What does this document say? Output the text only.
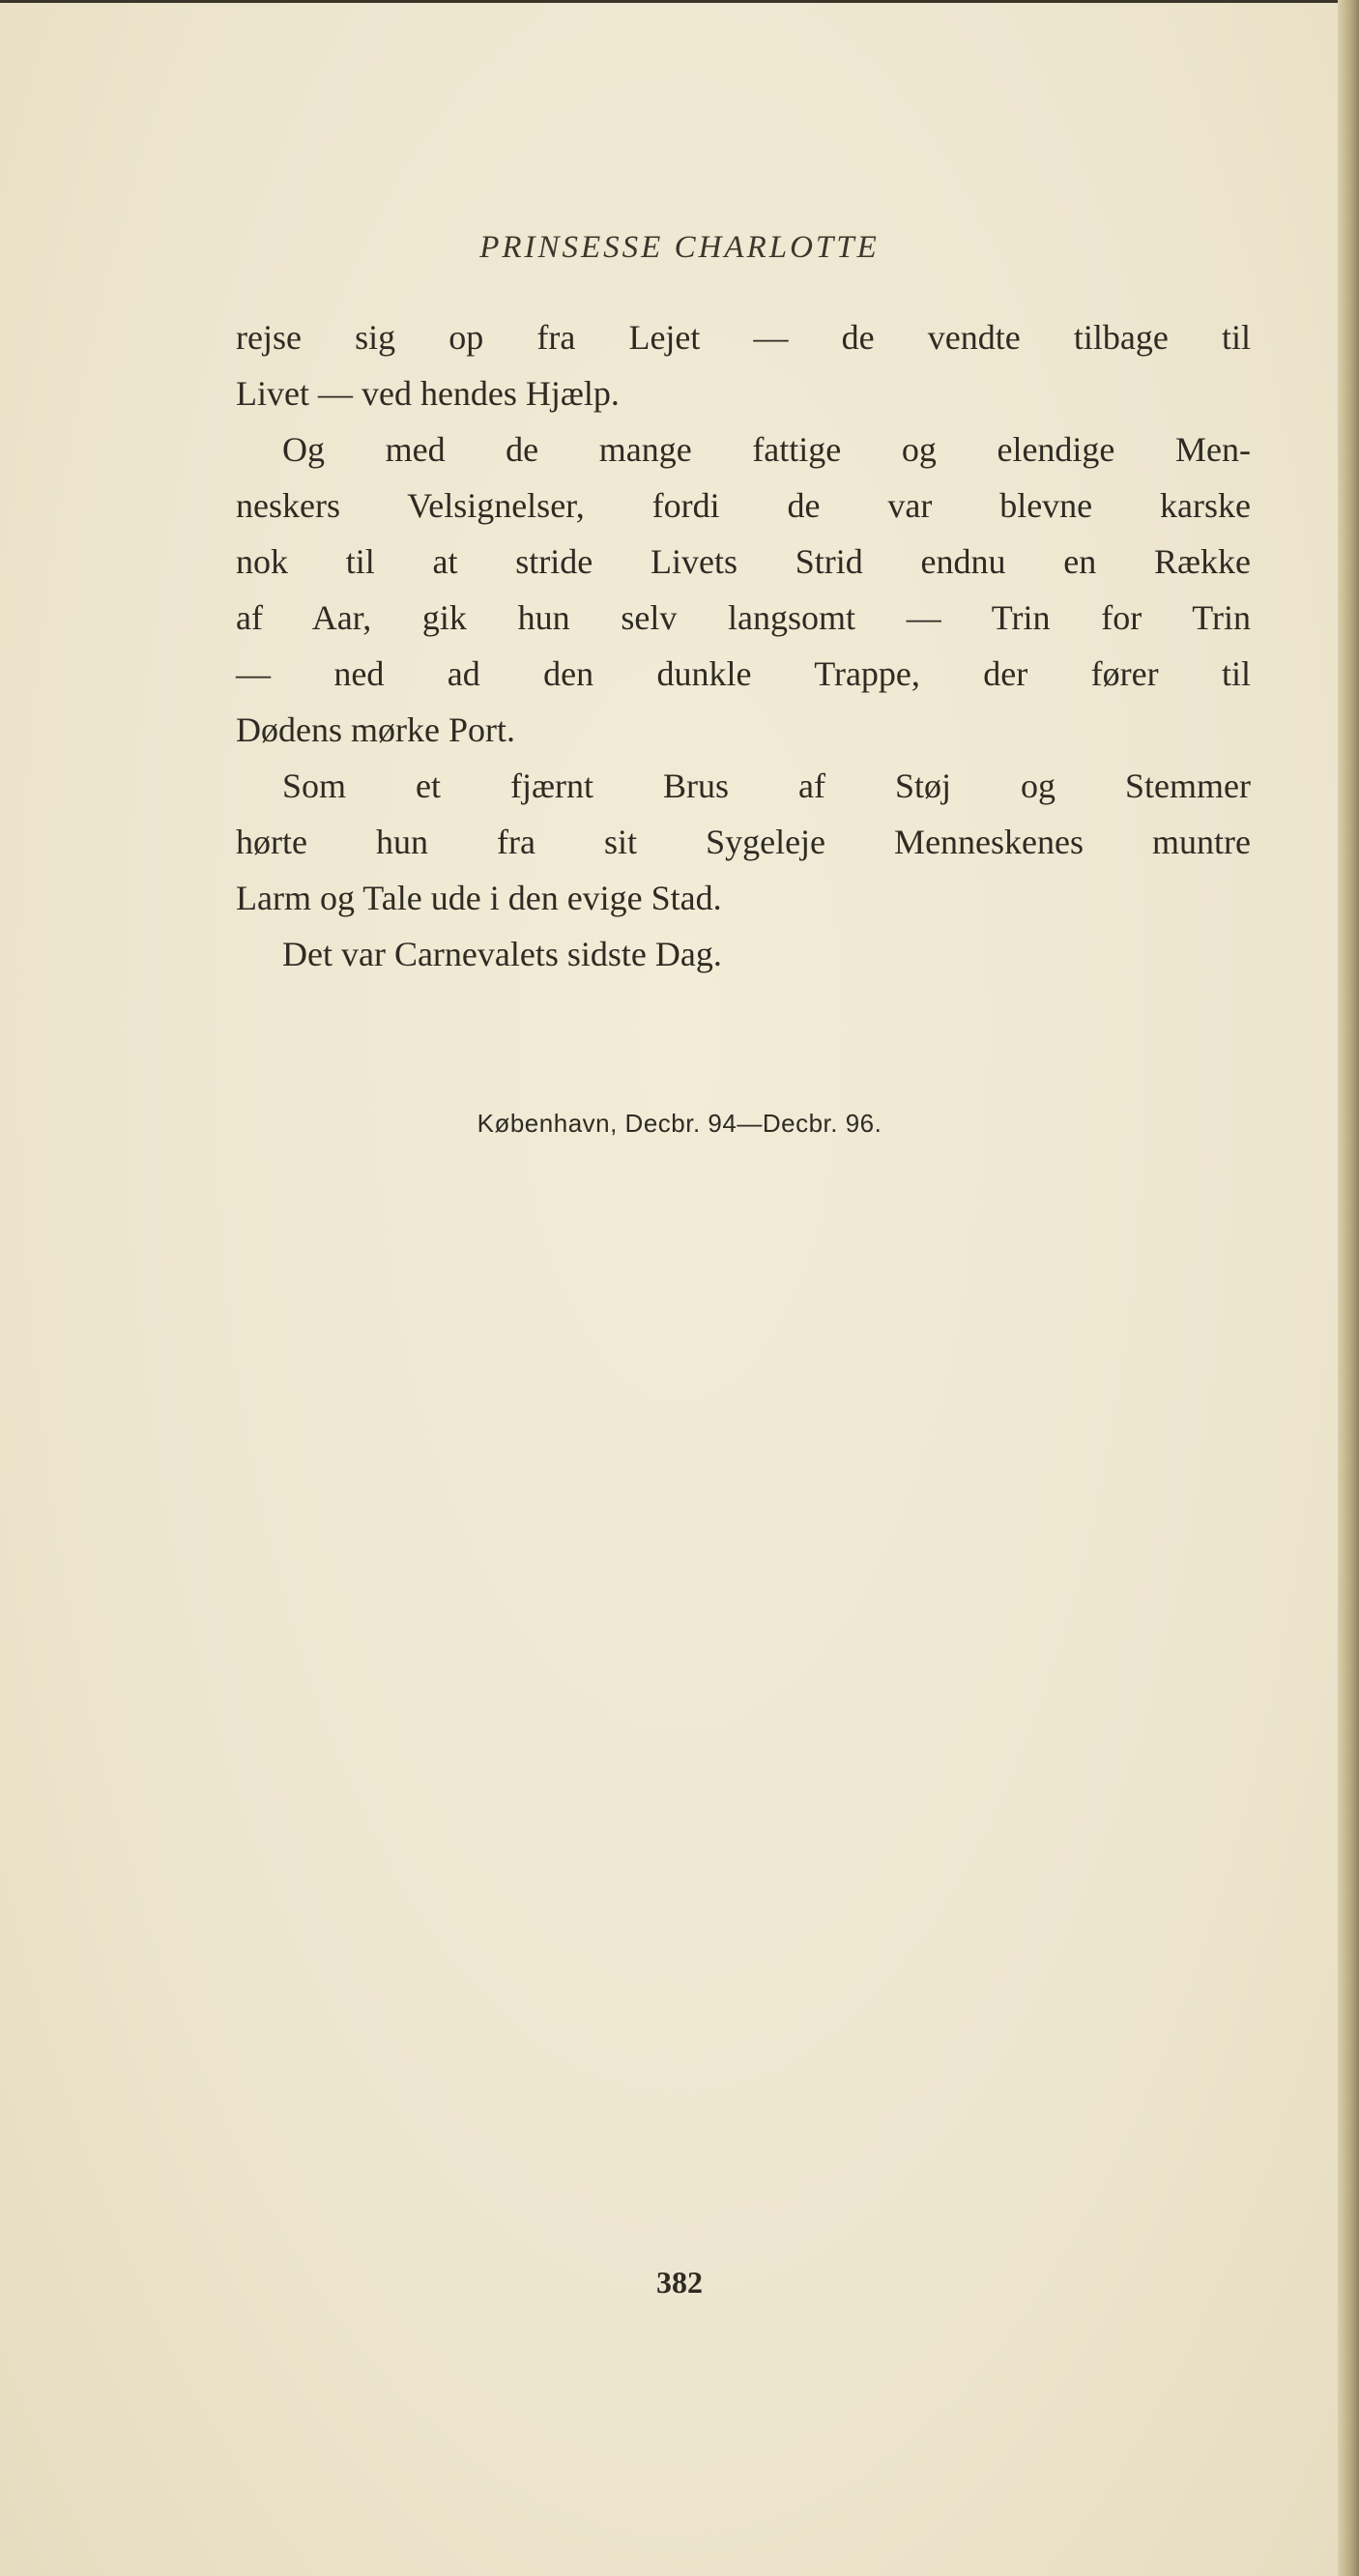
PRINSESSE CHARLOTTE
rejse sig op fra Lejet — de vendte tilbage til
Livet — ved hendes Hjælp.
Og med de mange fattige og elendige Men-
neskers Velsignelser, fordi de var blevne karske
nok til at stride Livets Strid endnu en Række
af Aar, gik hun selv langsomt — Trin for Trin
— ned ad den dunkle Trappe, der fører til
Dødens mørke Port.
Som et fjærnt Brus af Støj og Stemmer
hørte hun fra sit Sygeleje Menneskenes muntre
Larm og Tale ude i den evige Stad.
Det var Carnevalets sidste Dag.
København, Decbr. 94—Decbr. 96.
382
